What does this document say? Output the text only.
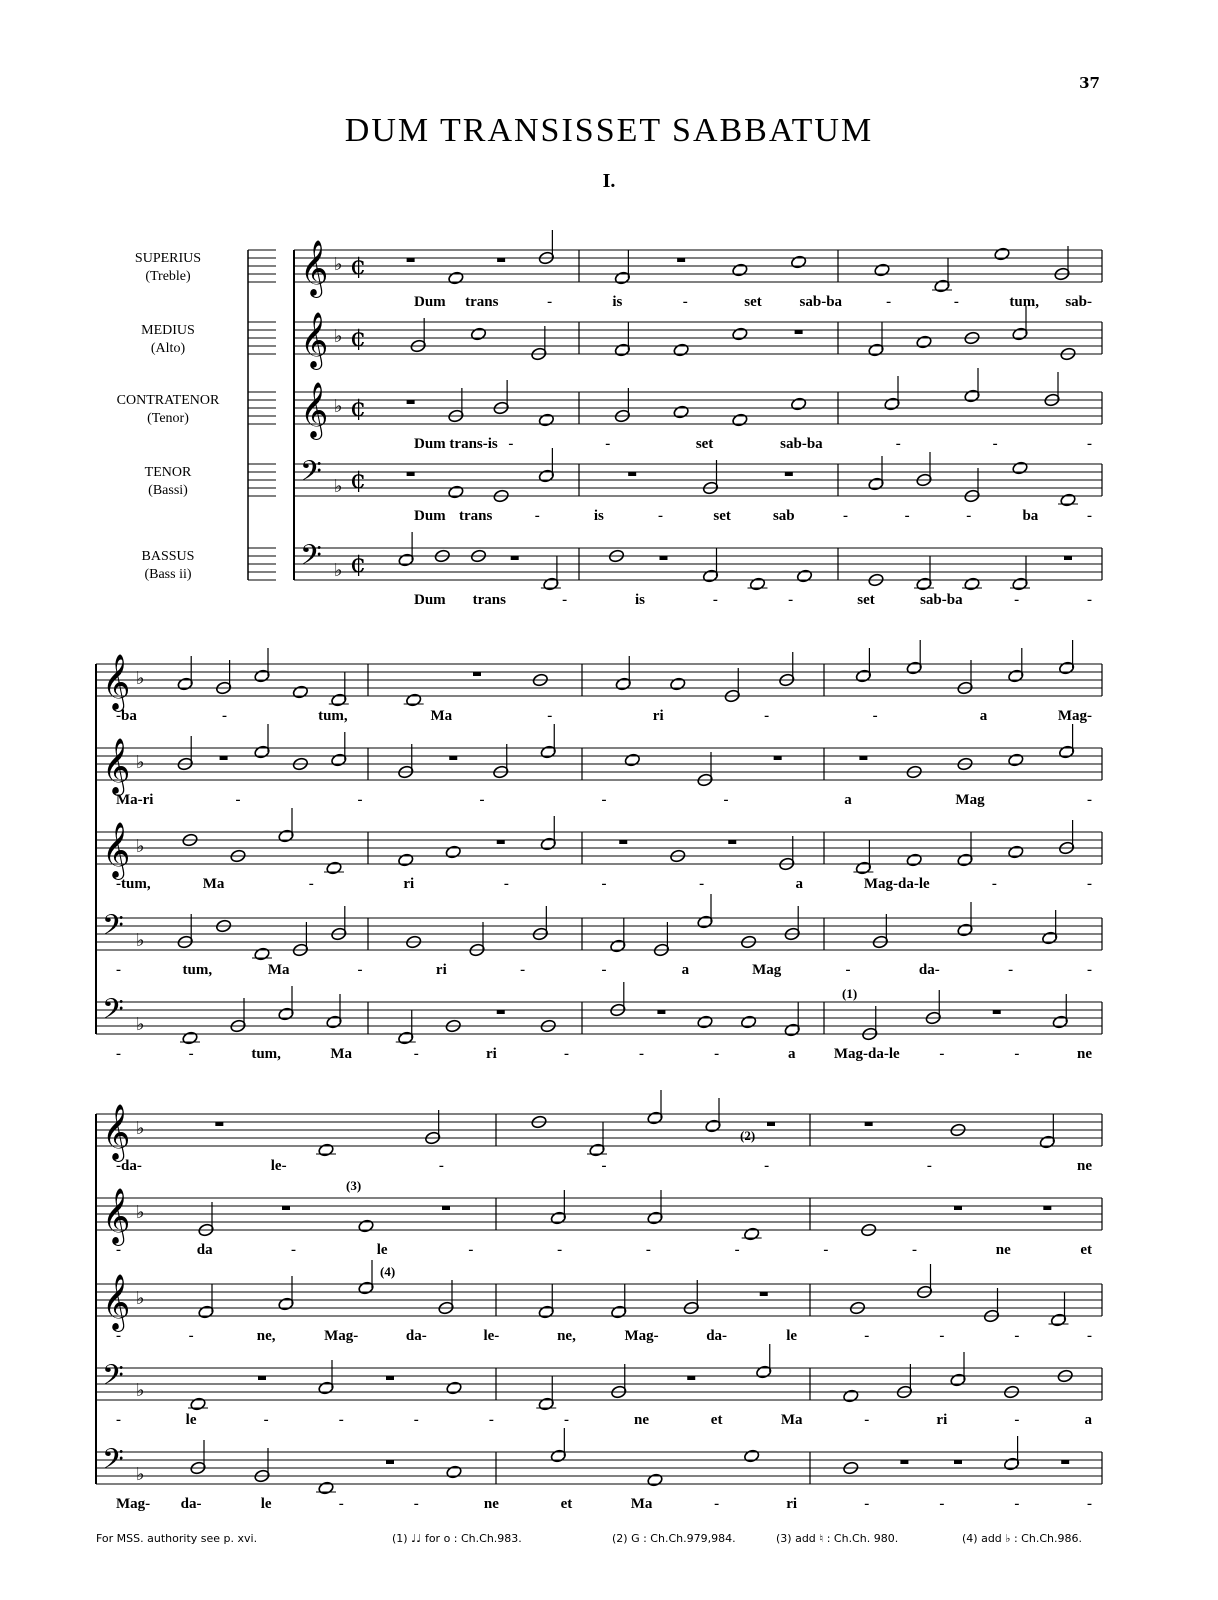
37
DUM TRANSISSET SABBATUM
I.
𝄞 ♭ ¢
Dum trans	-	is	-	set	sab-ba	-	-	tum, sab-
𝄞 ♭ ¢
𝄞 ♭ ¢
Dum trans-is -	-	set	sab-ba	-	-	-
𝄢 ♭ ¢
Dum trans	-	is	-	set	sab	-	-	-	ba	-
𝄢 ♭ ¢
Dum trans	-	is	-	-	set	sab-ba	-	-
SUPERIUS
(Treble)
MEDIUS
(Alto)
CONTRATENOR
(Tenor)
TENOR
(Bassi)
BASSUS
(Bass ii)
𝄞 ♭
-ba	-	tum,	Ma	-	ri	-	-	a	Mag-
𝄞 ♭
Ma-ri	-	-	-	-	-	a	Mag	-
𝄞 ♭
-tum,	Ma	-	ri	-	-	-	a	Mag-da-le	-	-
𝄢 ♭
-	tum,	Ma	-	ri	-	-	a	Mag	-	da-	-	-
𝄢 ♭
-	-	tum,	Ma	-	ri	-	-	-	a	Mag-da-le	-	-	ne
𝄞 ♭
-da-	le-	-	-	-	-	ne
𝄞 ♭
-	da	-	le	-	-	-	-	-	-	ne	et
𝄞 ♭
-	-	ne,	Mag-	da-	le-	ne,	Mag-	da-	le	-	-	-	-
𝄢 ♭
-	le	-	-	-	-	-	ne	et	Ma	-	ri	-	a
𝄢 ♭
Mag- da-	le	-	-	ne	et	Ma	-	ri	-	-	-	-
(1)
(2)
(3)
(4)
For MSS. authority see p. xvi.	(1) ♩♩ for o : Ch.Ch.983.	(2) G : Ch.Ch.979,984.	(3) add ♮ : Ch.Ch. 980.	(4) add ♭ : Ch.Ch.986.
